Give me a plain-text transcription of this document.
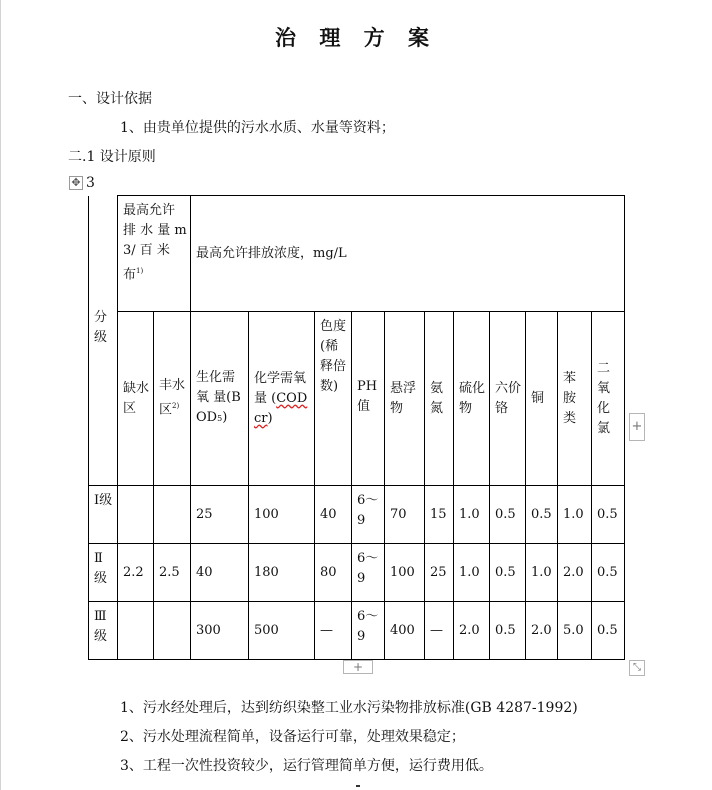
治 理 方 案
一、设计依据
1、由贵单位提供的污水水质、水量等资料；
二.1 设计原则
✥ 3
分级	最高允许排 水 量 m3/ 百 米 布$^{1)}$		最高允许排放浓度，mg/L										
	缺水区	丰水区$^{2)}$	生化需氧 量(BOD5)	化学需氧 量 (CODcr)	色度(稀释倍数)	PH值	悬浮物	氨氮	硫化物	六价铬	铜	苯胺类	二氧化氯
Ⅰ级			25	100	40	6～9	70	15	1.0	0.5	0.5	1.0	0.5
Ⅱ级	2.2	2.5	40	180	80	6～9	100	25	1.0	0.5	1.0	2.0	0.5
Ⅲ级			300	500	—	6～9	400	—	2.0	0.5	2.0	5.0	0.5
+
+	⤡
1、污水经处理后，达到纺织染整工业水污染物排放标准(GB 4287-1992)
2、污水处理流程简单，设备运行可靠，处理效果稳定；
3、工程一次性投资较少，运行管理简单方便，运行费用低。
